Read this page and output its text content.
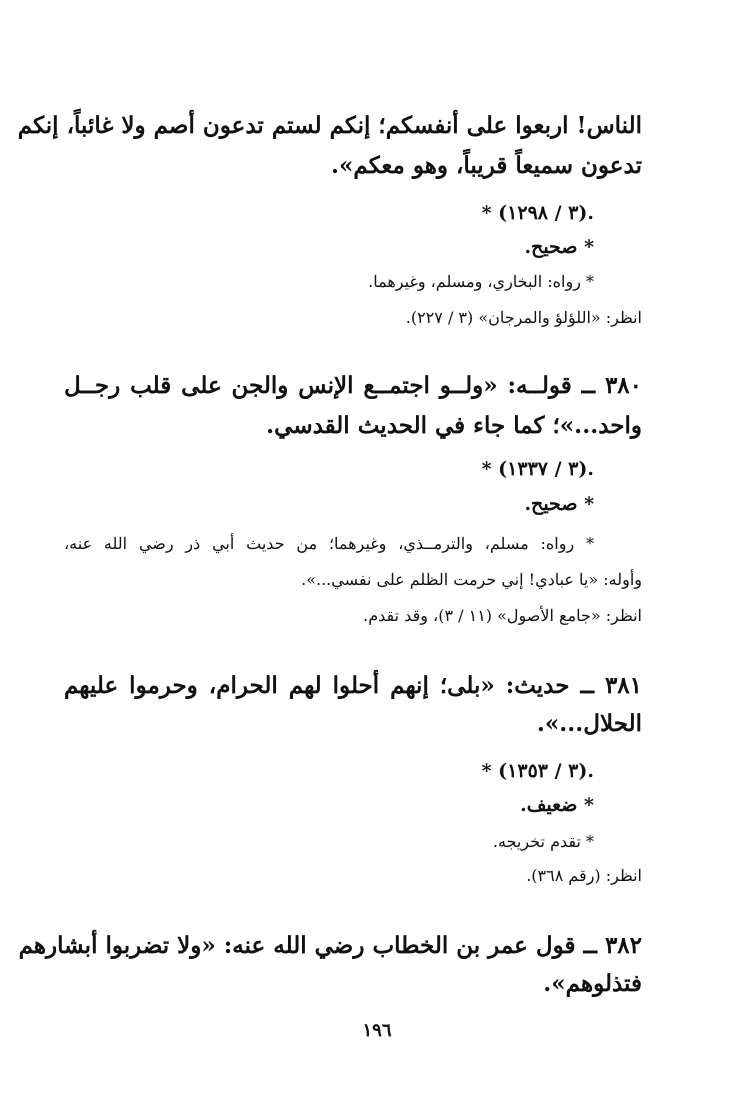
الناس! اربعوا على أنفسكم؛ إنكم لستم تدعون أصم ولا غائباً، إنكم
تدعون سميعاً قريباً، وهو معكم».
* (٣ / ١٢٩٨).
* صحيح.
* رواه: البخاري، ومسلم، وغيرهما.
انظر: «اللؤلؤ والمرجان» (٣ / ٢٢٧).
٣٨٠ ــ قولــه: «ولــو اجتمــع الإنس والجن على قلب رجــل
واحد...»؛ كما جاء في الحديث القدسي.
* (٣ / ١٣٣٧).
* صحيح.
* رواه: مسلم، والترمــذي، وغيرهما؛ من حديث أبي ذر رضي الله عنه،
وأوله: «يا عبادي! إني حرمت الظلم على نفسي...».
انظر: «جامع الأصول» (١١ / ٣)، وقد تقدم.
٣٨١ ــ حديث: «بلى؛ إنهم أحلوا لهم الحرام، وحرموا عليهم
الحلال...».
* (٣ / ١٣٥٣).
* ضعيف.
* تقدم تخريجه.
انظر: (رقم ٣٦٨).
٣٨٢ ــ قول عمر بن الخطاب رضي الله عنه: «ولا تضربوا أبشارهم
فتذلوهم».
١٩٦
